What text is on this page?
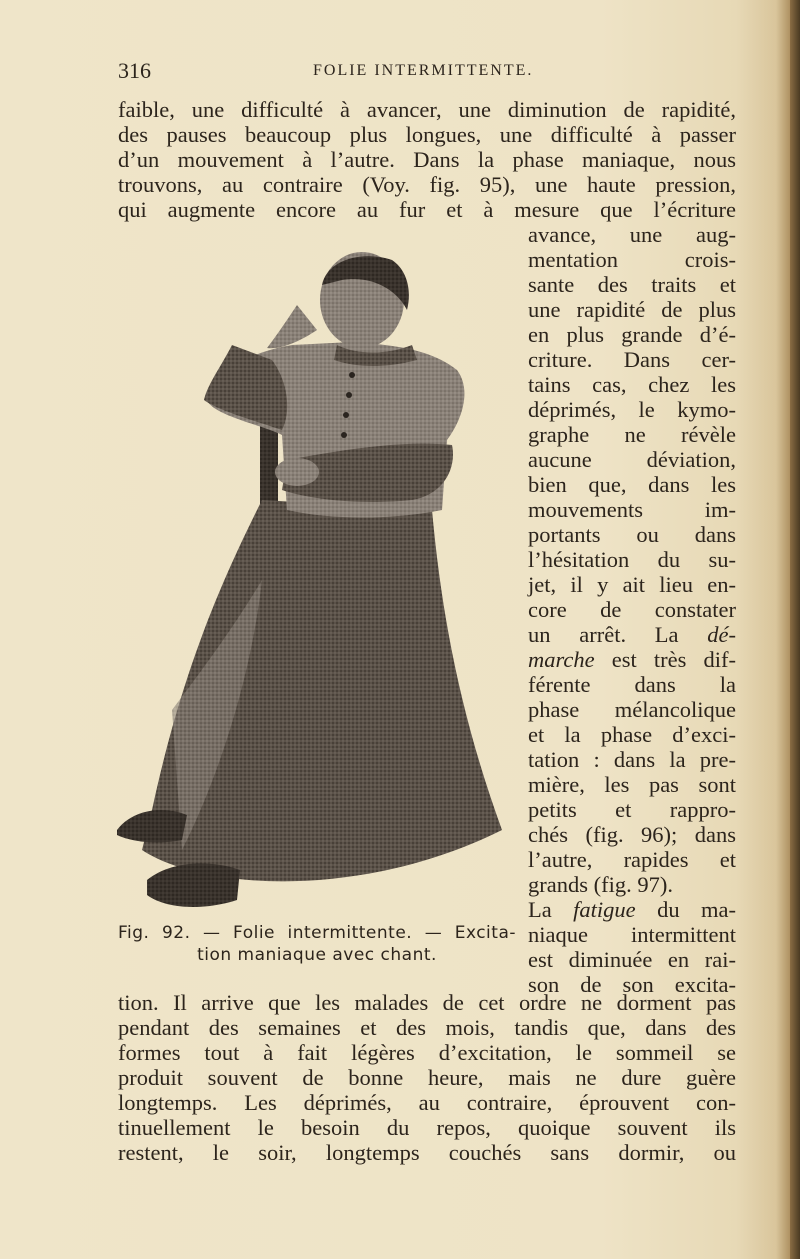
316	FOLIE INTERMITTENTE.
faible, une difficulté à avancer, une diminution de rapidité,
des pauses beaucoup plus longues, une difficulté à passer
d’un mouvement à l’autre. Dans la phase maniaque, nous
trouvons, au contraire (Voy. fig. 95), une haute pression,
qui augmente encore au fur et à mesure que l’écriture
avance, une aug-
mentation crois-
sante des traits et
une rapidité de plus
en plus grande d’é-
criture. Dans cer-
tains cas, chez les
déprimés, le kymo-
graphe ne révèle
aucune déviation,
bien que, dans les
mouvements im-
portants ou dans
l’hésitation du su-
jet, il y ait lieu en-
core de constater
un arrêt. La dé-
marche est très dif-
férente dans la
phase mélancolique
et la phase d’exci-
tation : dans la pre-
mière, les pas sont
petits et rappro-
chés (fig. 96); dans
l’autre, rapides et
grands (fig. 97).
La fatigue du ma-
niaque intermittent
est diminuée en rai-
son de son excita-
Fig. 92. — Folie intermittente. — Excita-
tion maniaque avec chant.
tion. Il arrive que les malades de cet ordre ne dorment pas
pendant des semaines et des mois, tandis que, dans des
formes tout à fait légères d’excitation, le sommeil se
produit souvent de bonne heure, mais ne dure guère
longtemps. Les déprimés, au contraire, éprouvent con-
tinuellement le besoin du repos, quoique souvent ils
restent, le soir, longtemps couchés sans dormir, ou
